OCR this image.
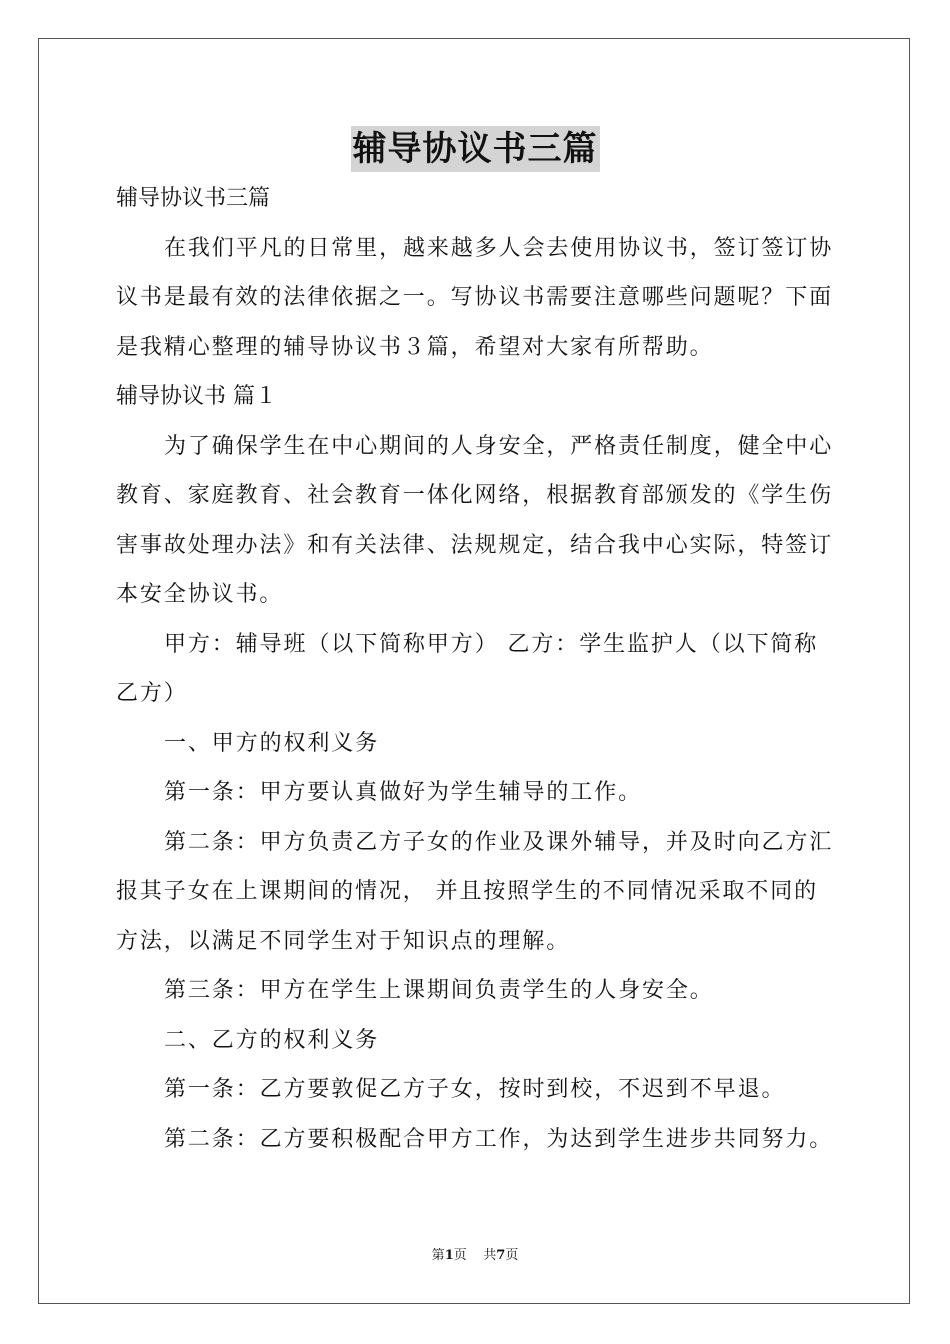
辅导协议书三篇

辅导协议书三篇

在我们平凡的日常里，越来越多人会去使用协议书，签订签订协

议书是最有效的法律依据之一。写协议书需要注意哪些问题呢？下面

是我精心整理的辅导协议书３篇，希望对大家有所帮助。

辅导协议书 篇１

为了确保学生在中心期间的人身安全，严格责任制度，健全中心

教育、家庭教育、社会教育一体化网络，根据教育部颁发的《学生伤

害事故处理办法》和有关法律、法规规定，结合我中心实际，特签订

本安全协议书。

甲方：辅导班（以下简称甲方） 乙方：学生监护人（以下简称

乙方）

一、甲方的权利义务

第一条：甲方要认真做好为学生辅导的工作。

第二条：甲方负责乙方子女的作业及课外辅导，并及时向乙方汇

报其子女在上课期间的情况， 并且按照学生的不同情况采取不同的

方法，以满足不同学生对于知识点的理解。

第三条：甲方在学生上课期间负责学生的人身安全。

二、乙方的权利义务

第一条：乙方要敦促乙方子女，按时到校，不迟到不早退。

第二条：乙方要积极配合甲方工作，为达到学生进步共同努力。

第1页    共7页
